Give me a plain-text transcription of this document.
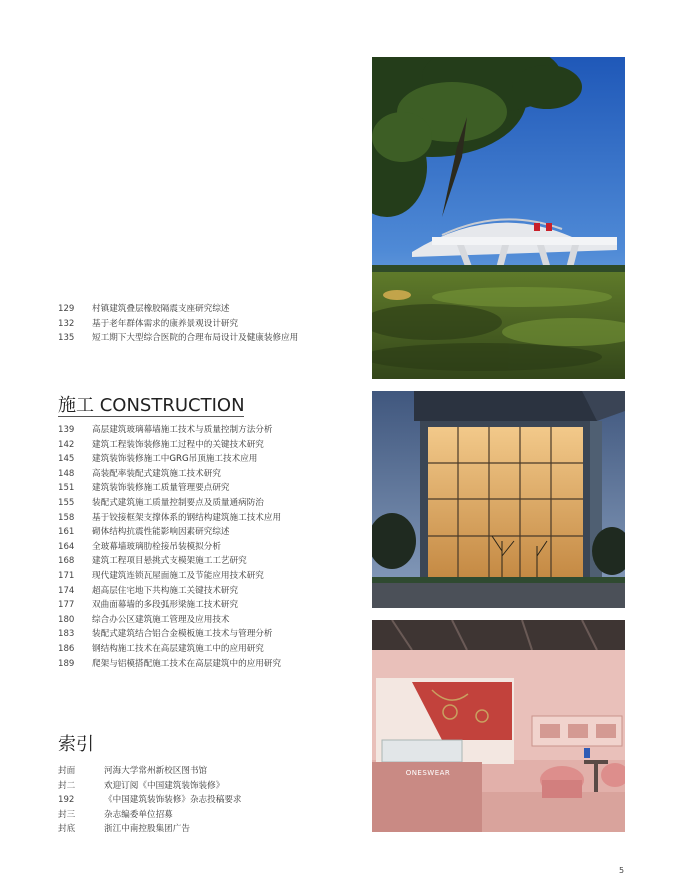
129	村镇建筑叠层橡胶隔震支座研究综述
132	基于老年群体需求的康养景观设计研究
135	短工期下大型综合医院的合理布局设计及健康装修应用
施工 CONSTRUCTION
139	高层建筑玻璃幕墙施工技术与质量控制方法分析
142	建筑工程装饰装修施工过程中的关键技术研究
145	建筑装饰装修施工中GRG吊顶施工技术应用
148	高装配率装配式建筑施工技术研究
151	建筑装饰装修施工质量管理要点研究
155	装配式建筑施工质量控制要点及质量通病防治
158	基于铰接框架支撑体系的钢结构建筑施工技术应用
161	砌体结构抗震性能影响因素研究综述
164	全玻幕墙玻璃肋栓接吊装模拟分析
168	建筑工程项目悬挑式支模架施工工艺研究
171	现代建筑连锁瓦屋面施工及节能应用技术研究
174	超高层住宅地下共构施工关键技术研究
177	双曲面幕墙的多段弧形梁施工技术研究
180	综合办公区建筑施工管理及应用技术
183	装配式建筑结合铝合金模板施工技术与管理分析
186	钢结构施工技术在高层建筑施工中的应用研究
189	爬架与铝模搭配施工技术在高层建筑中的应用研究
索引
封面	河海大学常州新校区图书馆
封二	欢迎订阅《中国建筑装饰装修》
192	《中国建筑装饰装修》杂志投稿要求
封三	杂志编委单位招募
封底	浙江中南控股集团广告
ONESWEAR
5
